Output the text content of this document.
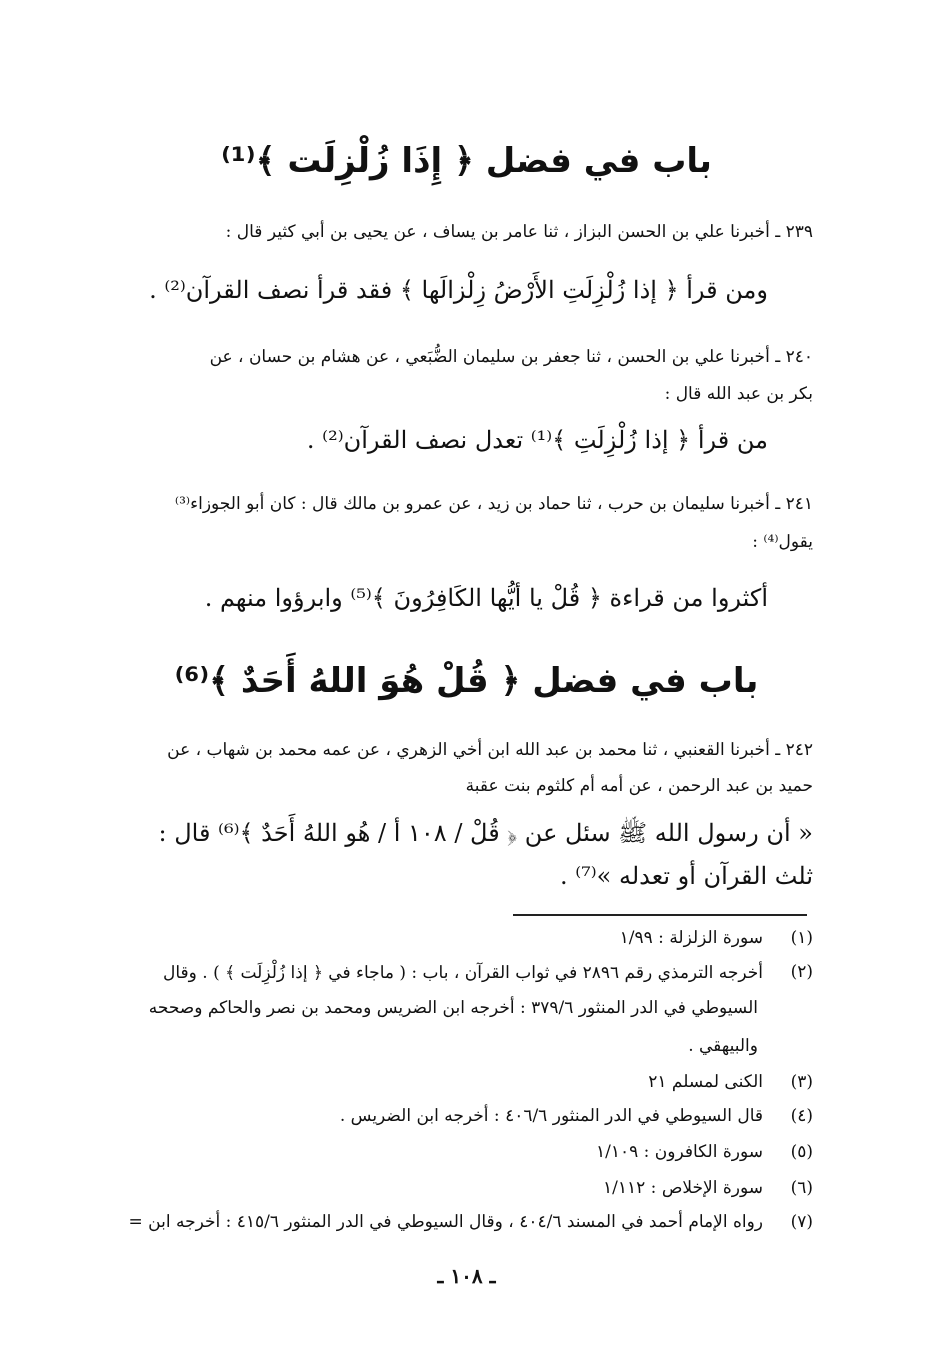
باب في فضل ﴿ إِذَا زُلْزِلَت ﴾⁽¹⁾
٢٣٩ ـ أخبرنا علي بن الحسن البزاز ، ثنا عامر بن يساف ، عن يحيى بن أبي كثير قال :
ومن قرأ ﴿ إذا زُلْزِلَتِ الأَرْضُ زِلْزالَها ﴾ فقد قرأ نصف القرآن⁽²⁾ .
٢٤٠ ـ أخبرنا علي بن الحسن ، ثنا جعفر بن سليمان الضُّبَعي ، عن هشام بن حسان ، عن
بكر بن عبد الله قال :
من قرأ ﴿ إذا زُلْزِلَتِ ﴾⁽¹⁾ تعدل نصف القرآن⁽²⁾ .
٢٤١ ـ أخبرنا سليمان بن حرب ، ثنا حماد بن زيد ، عن عمرو بن مالك قال : كان أبو الجوزاء⁽³⁾
يقول⁽⁴⁾ :
أكثروا من قراءة ﴿ قُلْ يا أيُّها الكَافِرُونَ ﴾⁽⁵⁾ وابرؤوا منهم .
باب في فضل ﴿ قُلْ هُوَ اللهُ أَحَدٌ ﴾⁽⁶⁾
٢٤٢ ـ أخبرنا القعنبي ، ثنا محمد بن عبد الله ابن أخي الزهري ، عن عمه محمد بن شهاب ، عن
حميد بن عبد الرحمن ، عن أمه أم كلثوم بنت عقبة
« أن رسول الله ﷺ سئل عن ﴿ قُلْ / ١٠٨ أ / هُو اللهُ أَحَدٌ ﴾⁽⁶⁾ قال :
ثلث القرآن أو تعدله »⁽⁷⁾ .
(١)
سورة الزلزلة : ١/٩٩
(٢)
أخرجه الترمذي رقم ٢٨٩٦ في ثواب القرآن ، باب : ( ماجاء في ﴿ إذا زُلْزِلَت ﴾ ) . وقال
السيوطي في الدر المنثور ٣٧٩/٦ : أخرجه ابن الضريس ومحمد بن نصر والحاكم وصححه
والبيهقي .
(٣)
الكنى لمسلم ٢١
(٤)
قال السيوطي في الدر المنثور ٤٠٦/٦ : أخرجه ابن الضريس .
(٥)
سورة الكافرون : ١/١٠٩
(٦)
سورة الإخلاص : ١/١١٢
(٧)
رواه الإمام أحمد في المسند ٤٠٤/٦ ، وقال السيوطي في الدر المنثور ٤١٥/٦ : أخرجه ابن =
ـ ١٠٨ ـ
